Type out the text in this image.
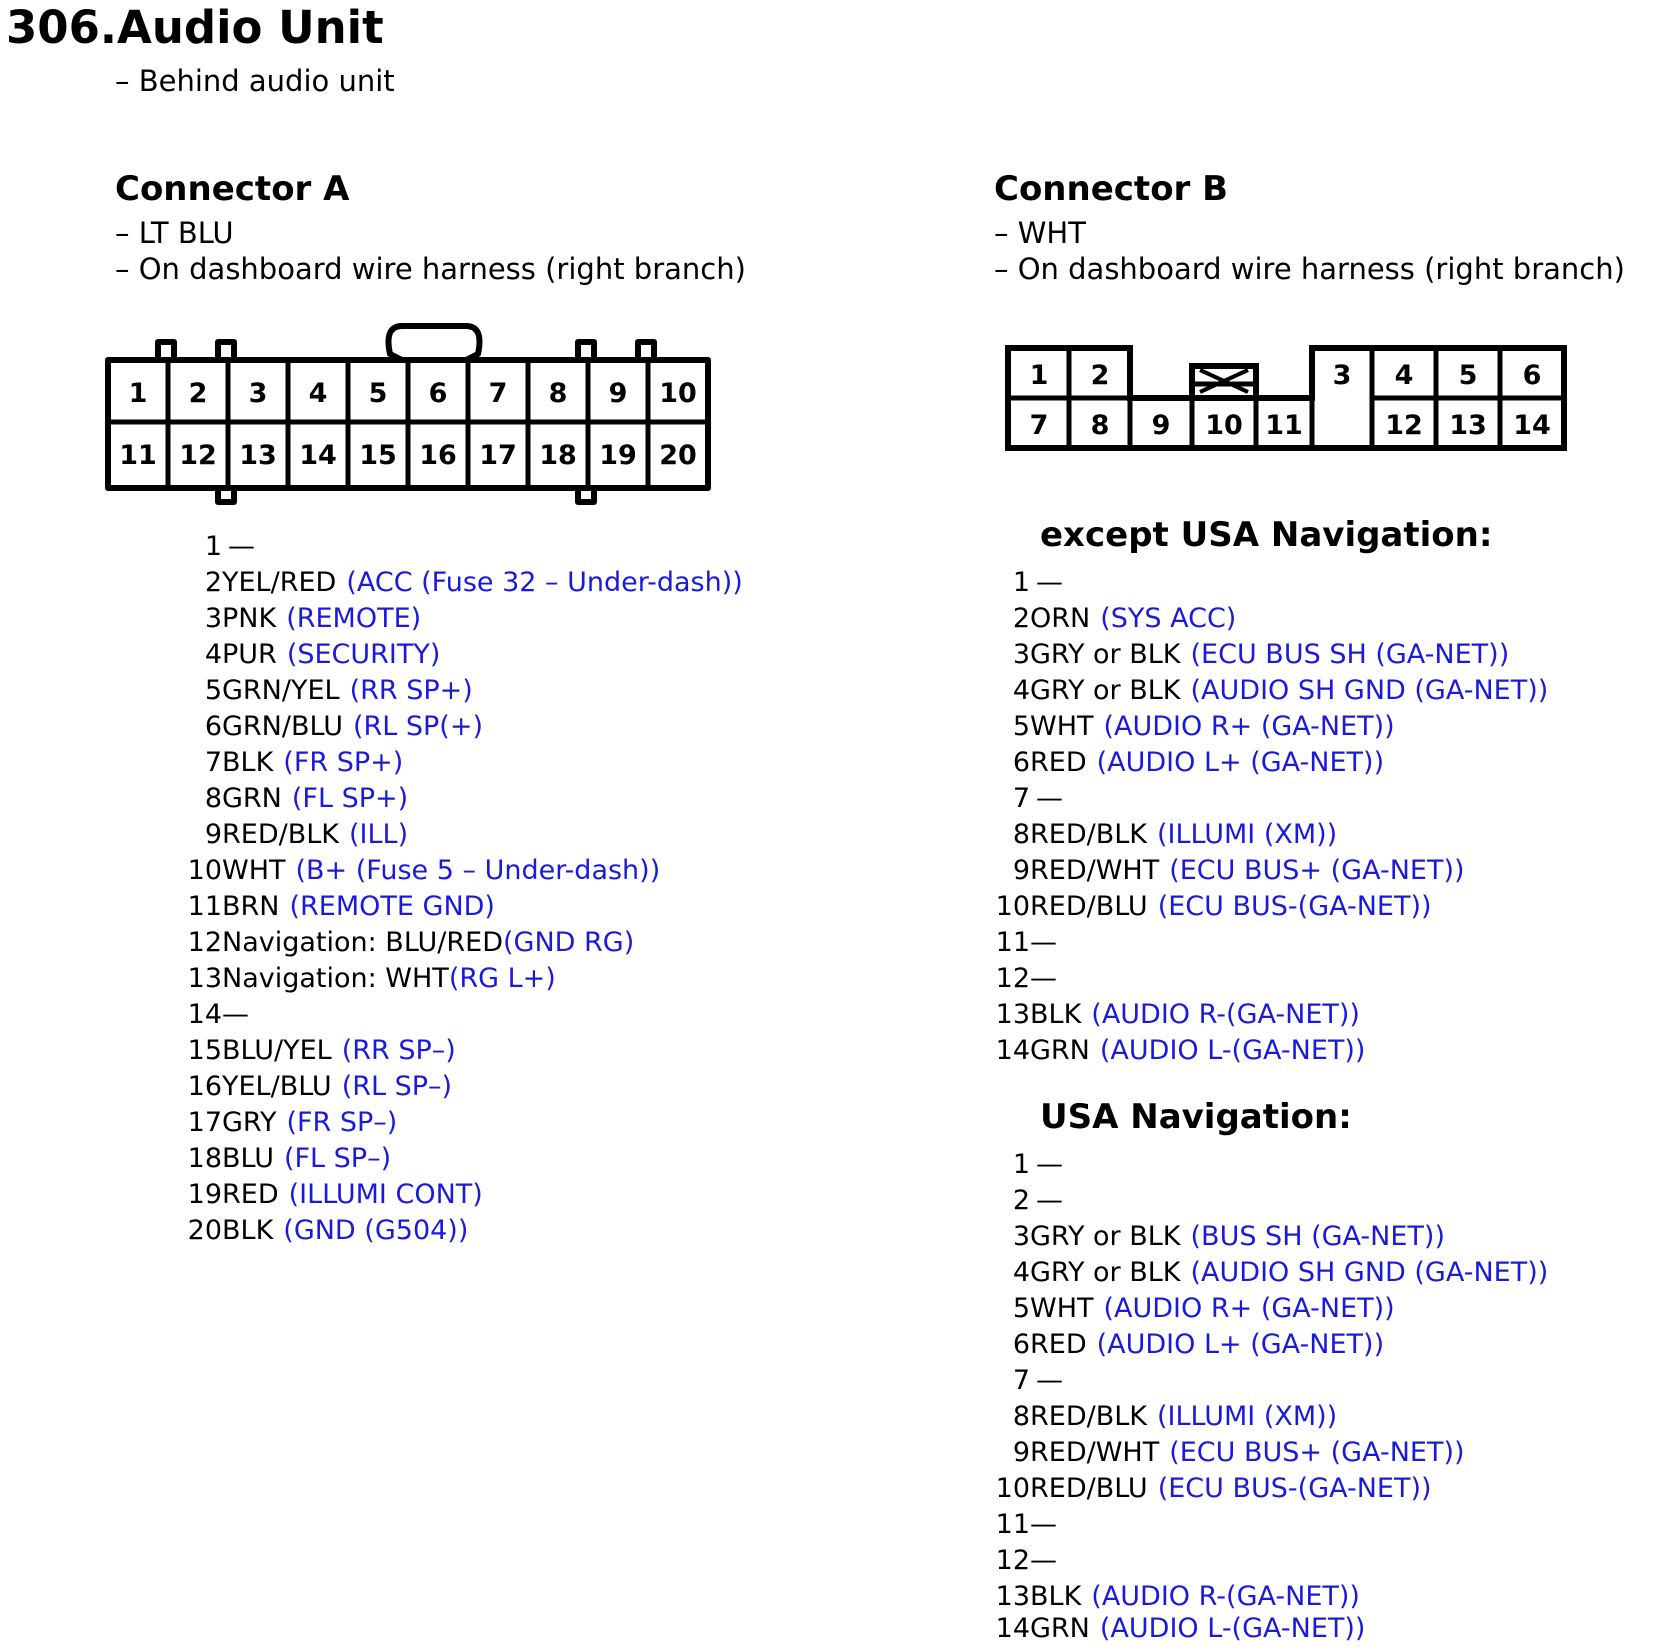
306.Audio Unit
– Behind audio unit
Connector A
– LT BLU
– On dashboard wire harness (right branch)
1 2 3 4 5 6 7 8 9 10
11 12 13 14 15 16 17 18 19 20
1 —
2 YEL/RED (ACC (Fuse 32 – Under-dash))
3 PNK (REMOTE)
4 PUR (SECURITY)
5 GRN/YEL (RR SP+)
6 GRN/BLU (RL SP(+)
7 BLK (FR SP+)
8 GRN (FL SP+)
9 RED/BLK (ILL)
10 WHT (B+ (Fuse 5 – Under-dash))
11 BRN (REMOTE GND)
12 Navigation: BLU/RED(GND RG)
13 Navigation: WHT(RG L+)
14 —
15 BLU/YEL (RR SP–)
16 YEL/BLU (RL SP–)
17 GRY (FR SP–)
18 BLU (FL SP–)
19 RED (ILLUMI CONT)
20 BLK (GND (G504))
Connector B
– WHT
– On dashboard wire harness (right branch)
1 2	3 4 5 6
7 8 9 10 11	12 13 14
except USA Navigation:
1 —
2 ORN (SYS ACC)
3 GRY or BLK (ECU BUS SH (GA-NET))
4 GRY or BLK (AUDIO SH GND (GA-NET))
5 WHT (AUDIO R+ (GA-NET))
6 RED (AUDIO L+ (GA-NET))
7 —
8 RED/BLK (ILLUMI (XM))
9 RED/WHT (ECU BUS+ (GA-NET))
10 RED/BLU (ECU BUS-(GA-NET))
11 —
12 —
13 BLK (AUDIO R-(GA-NET))
14 GRN (AUDIO L-(GA-NET))
USA Navigation:
1 —
2 —
3 GRY or BLK (BUS SH (GA-NET))
4 GRY or BLK (AUDIO SH GND (GA-NET))
5 WHT (AUDIO R+ (GA-NET))
6 RED (AUDIO L+ (GA-NET))
7 —
8 RED/BLK (ILLUMI (XM))
9 RED/WHT (ECU BUS+ (GA-NET))
10 RED/BLU (ECU BUS-(GA-NET))
11 —
12 —
13 BLK (AUDIO R-(GA-NET))
14 GRN (AUDIO L-(GA-NET))
